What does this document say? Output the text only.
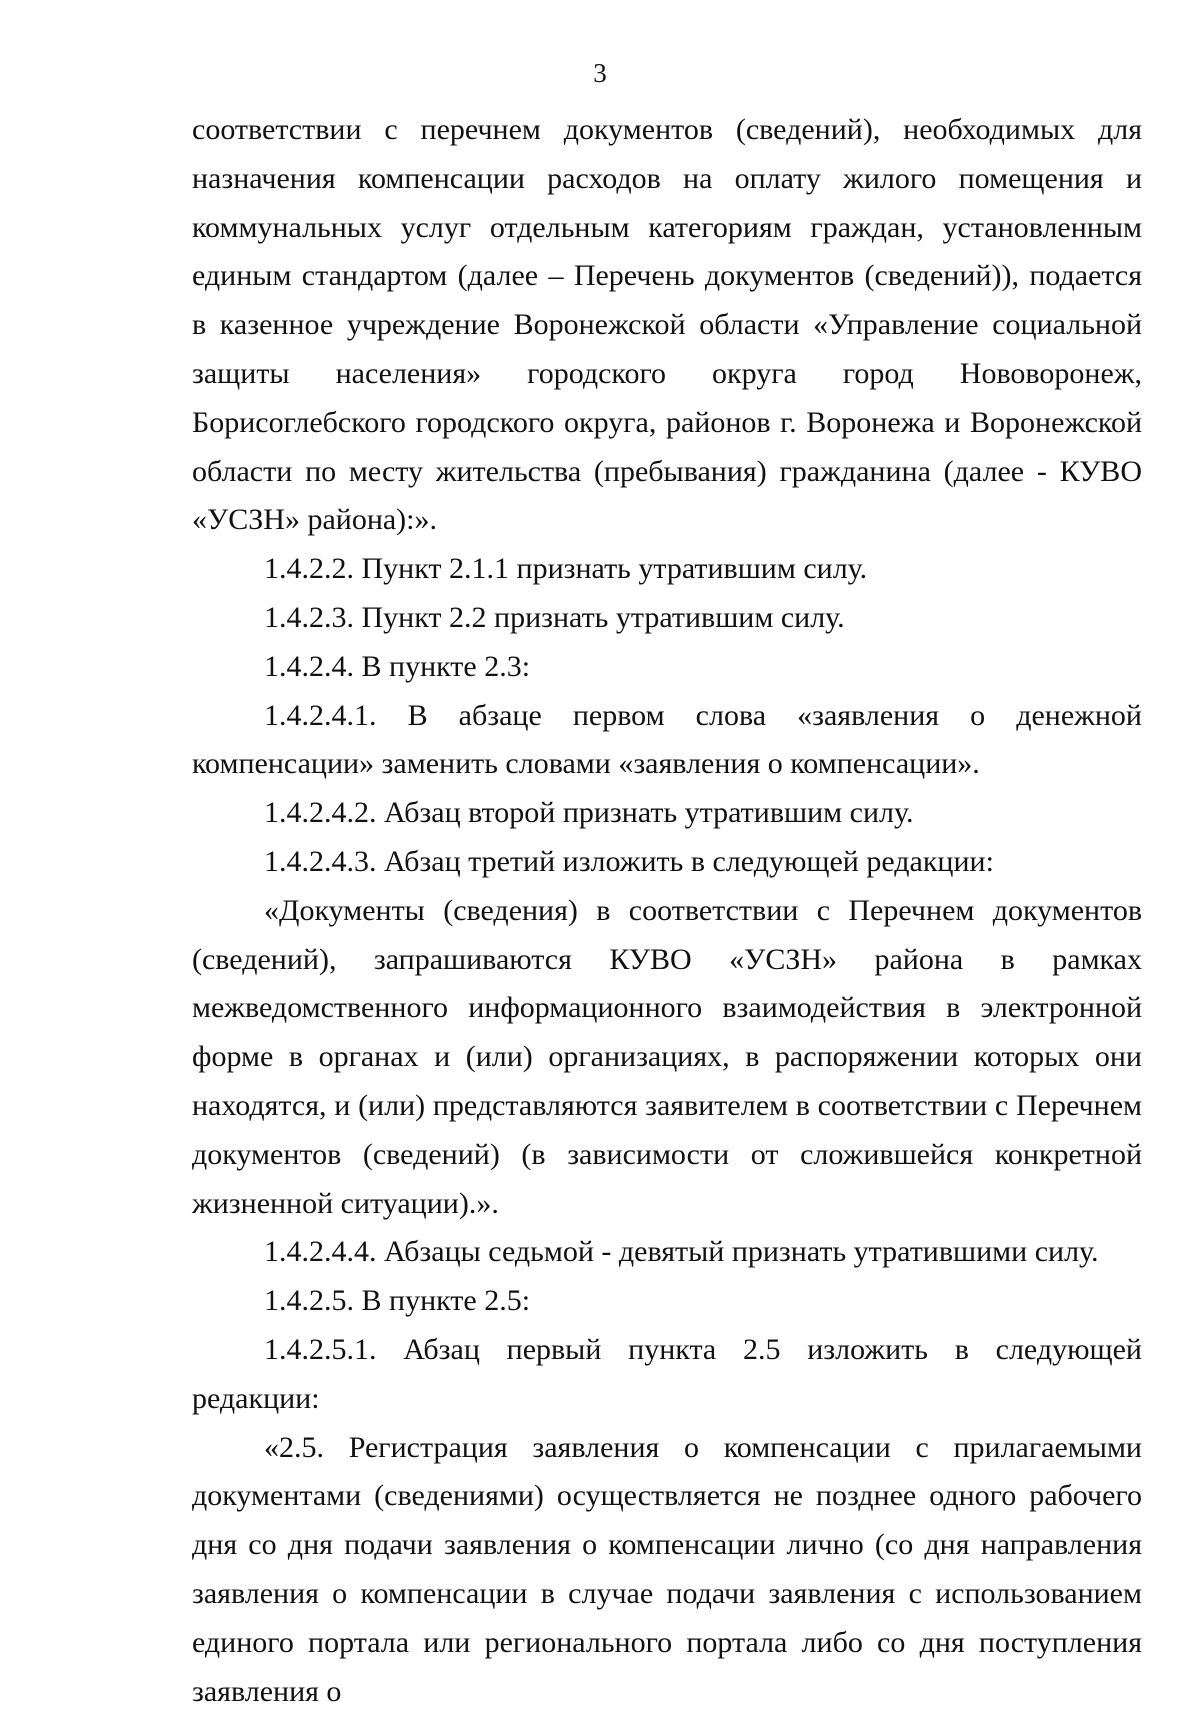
3

соответствии с перечнем документов (сведений), необходимых для назначения компенсации расходов на оплату жилого помещения и коммунальных услуг отдельным категориям граждан, установленным единым стандартом (далее – Перечень документов (сведений)), подается в казенное учреждение Воронежской области «Управление социальной защиты населения» городского округа город Нововоронеж, Борисоглебского городского округа, районов г. Воронежа и Воронежской области по месту жительства (пребывания) гражданина (далее - КУВО «УСЗН» района):».

1.4.2.2. Пункт 2.1.1 признать утратившим силу.

1.4.2.3. Пункт 2.2 признать утратившим силу.

1.4.2.4. В пункте 2.3:

1.4.2.4.1. В абзаце первом слова «заявления о денежной компенсации» заменить словами «заявления о компенсации».

1.4.2.4.2. Абзац второй признать утратившим силу.

1.4.2.4.3. Абзац третий изложить в следующей редакции:

«Документы (сведения) в соответствии с Перечнем документов (сведений), запрашиваются КУВО «УСЗН» района в рамках межведомственного информационного взаимодействия в электронной форме в органах и (или) организациях, в распоряжении которых они находятся, и (или) представляются заявителем в соответствии с Перечнем документов (сведений) (в зависимости от сложившейся конкретной жизненной ситуации).».

1.4.2.4.4. Абзацы седьмой - девятый признать утратившими силу.

1.4.2.5. В пункте 2.5:

1.4.2.5.1. Абзац первый пункта 2.5 изложить в следующей редакции:

«2.5. Регистрация заявления о компенсации с прилагаемыми документами (сведениями) осуществляется не позднее одного рабочего дня со дня подачи заявления о компенсации лично (со дня направления заявления о компенсации в случае подачи заявления с использованием единого портала или регионального портала либо со дня поступления заявления о
